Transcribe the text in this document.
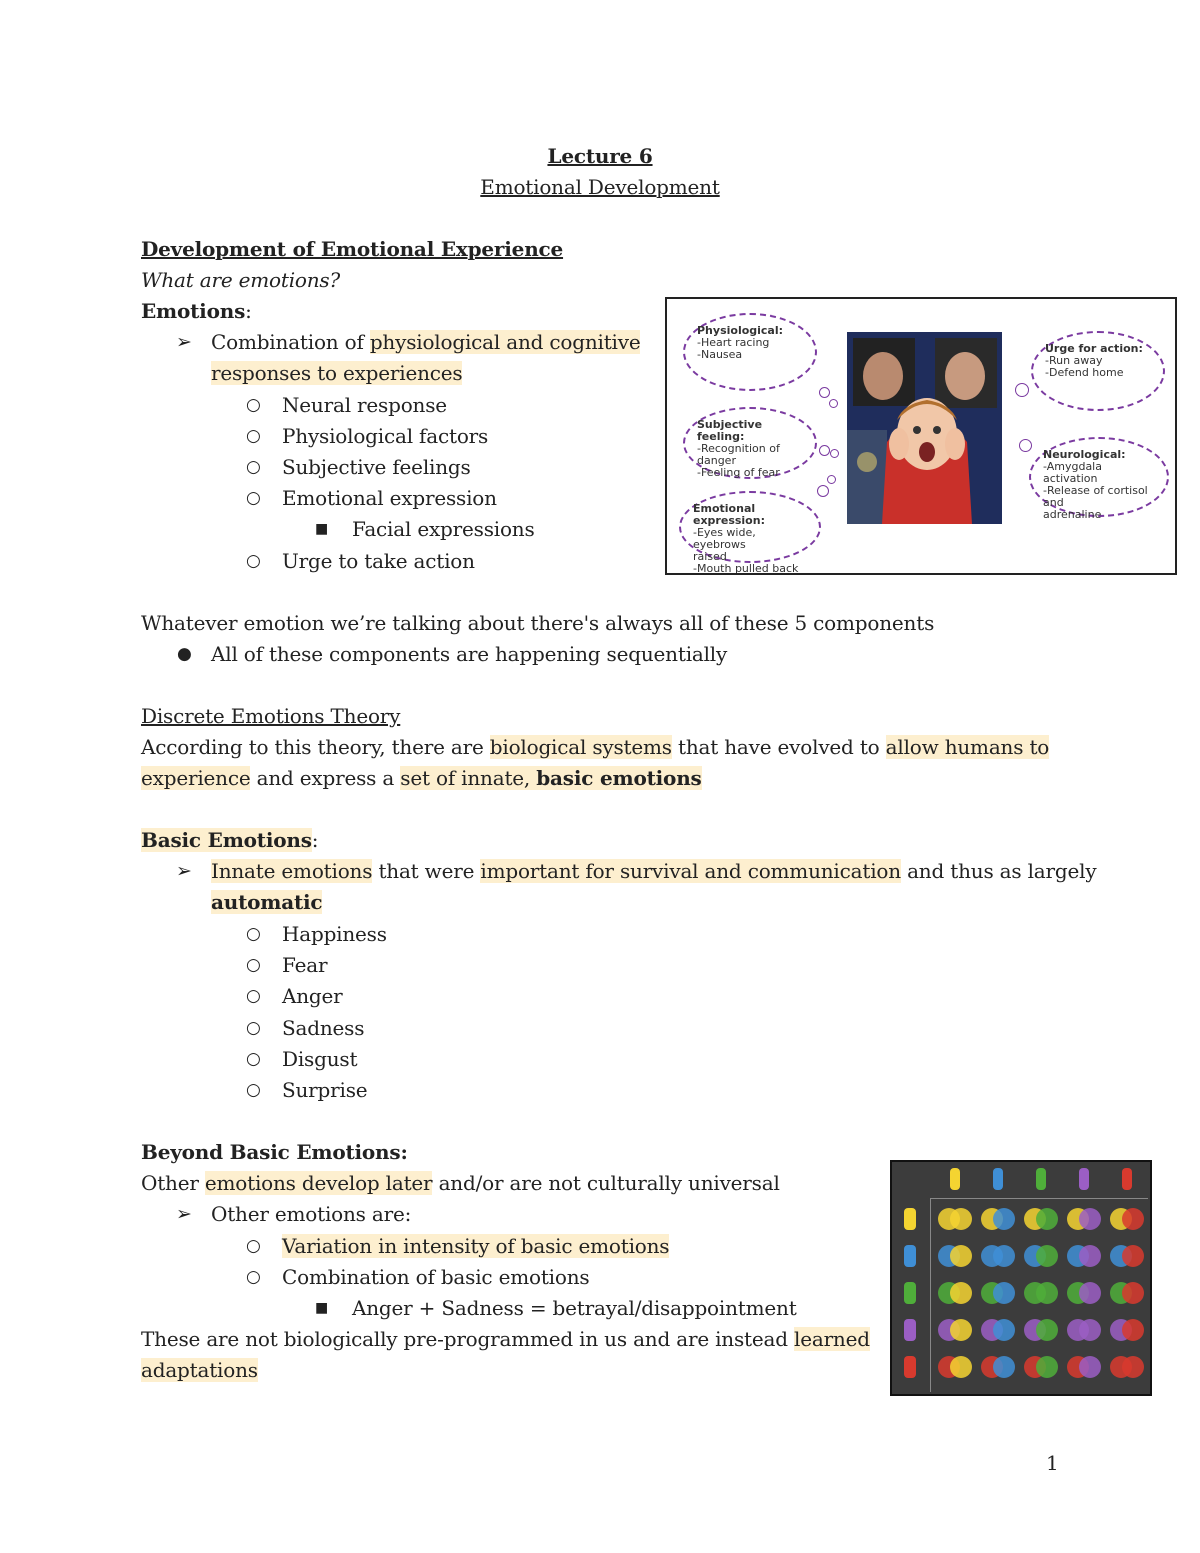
Lecture 6
Emotional Development
Development of Emotional Experience
What are emotions?
Emotions:
➢ Combination of physiological and cognitive
responses to experiences
○ Neural response
○ Physiological factors
○ Subjective feelings
○ Emotional expression
■ Facial expressions
○ Urge to take action
Physiological:
-Heart racing
-Nausea
Subjective feeling:
-Recognition of
danger
-Feeling of fear
Emotional expression:
-Eyes wide, eyebrows
raised
-Mouth pulled back
Urge for action:
-Run away
-Defend home
Neurological:
-Amygdala activation
-Release of cortisol and
adrenaline
Whatever emotion we’re talking about there's always all of these 5 components
● All of these components are happening sequentially
Discrete Emotions Theory
According to this theory, there are biological systems that have evolved to allow humans to
experience and express a set of innate, basic emotions
Basic Emotions:
➢ Innate emotions that were important for survival and communication and thus as largely
automatic
○ Happiness
○ Fear
○ Anger
○ Sadness
○ Disgust
○ Surprise
Beyond Basic Emotions:
Other emotions develop later and/or are not culturally universal
➢ Other emotions are:
○ Variation in intensity of basic emotions
○ Combination of basic emotions
■ Anger + Sadness = betrayal/disappointment
These are not biologically pre-programmed in us and are instead learned
adaptations
1
